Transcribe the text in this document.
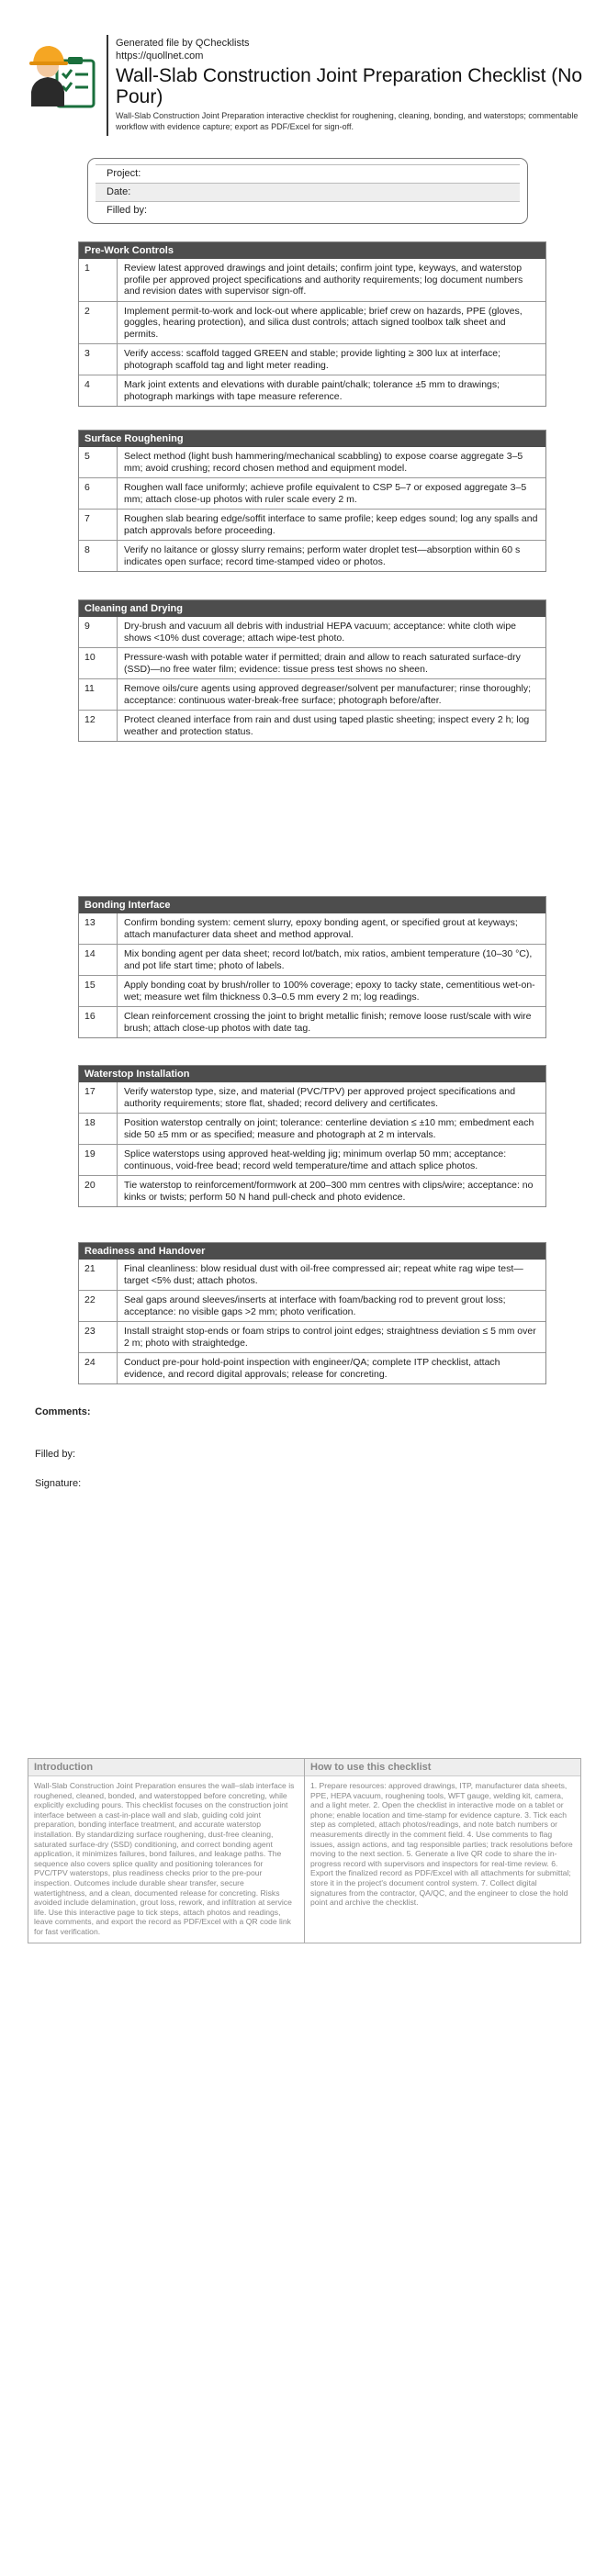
Generated file by QChecklists
https://quollnet.com
Wall-Slab Construction Joint Preparation Checklist (No Pour)
Wall-Slab Construction Joint Preparation interactive checklist for roughening, cleaning, bonding, and waterstops; commentable workflow with evidence capture; export as PDF/Excel for sign-off.
Project:
Date:
Filled by:
Pre-Work Controls
1	Review latest approved drawings and joint details; confirm joint type, keyways, and waterstop profile per approved project specifications and authority requirements; log document numbers and revision dates with supervisor sign-off.
2	Implement permit-to-work and lock-out where applicable; brief crew on hazards, PPE (gloves, goggles, hearing protection), and silica dust controls; attach signed toolbox talk sheet and permits.
3	Verify access: scaffold tagged GREEN and stable; provide lighting ≥ 300 lux at interface; photograph scaffold tag and light meter reading.
4	Mark joint extents and elevations with durable paint/chalk; tolerance ±5 mm to drawings; photograph markings with tape measure reference.
Surface Roughening
5	Select method (light bush hammering/mechanical scabbling) to expose coarse aggregate 3–5 mm; avoid crushing; record chosen method and equipment model.
6	Roughen wall face uniformly; achieve profile equivalent to CSP 5–7 or exposed aggregate 3–5 mm; attach close-up photos with ruler scale every 2 m.
7	Roughen slab bearing edge/soffit interface to same profile; keep edges sound; log any spalls and patch approvals before proceeding.
8	Verify no laitance or glossy slurry remains; perform water droplet test—absorption within 60 s indicates open surface; record time-stamped video or photos.
Cleaning and Drying
9	Dry-brush and vacuum all debris with industrial HEPA vacuum; acceptance: white cloth wipe shows <10% dust coverage; attach wipe-test photo.
10	Pressure-wash with potable water if permitted; drain and allow to reach saturated surface-dry (SSD)—no free water film; evidence: tissue press test shows no sheen.
11	Remove oils/cure agents using approved degreaser/solvent per manufacturer; rinse thoroughly; acceptance: continuous water-break-free surface; photograph before/after.
12	Protect cleaned interface from rain and dust using taped plastic sheeting; inspect every 2 h; log weather and protection status.
Bonding Interface
13	Confirm bonding system: cement slurry, epoxy bonding agent, or specified grout at keyways; attach manufacturer data sheet and method approval.
14	Mix bonding agent per data sheet; record lot/batch, mix ratios, ambient temperature (10–30 °C), and pot life start time; photo of labels.
15	Apply bonding coat by brush/roller to 100% coverage; epoxy to tacky state, cementitious wet-on-wet; measure wet film thickness 0.3–0.5 mm every 2 m; log readings.
16	Clean reinforcement crossing the joint to bright metallic finish; remove loose rust/scale with wire brush; attach close-up photos with date tag.
Waterstop Installation
17	Verify waterstop type, size, and material (PVC/TPV) per approved project specifications and authority requirements; store flat, shaded; record delivery and certificates.
18	Position waterstop centrally on joint; tolerance: centerline deviation ≤ ±10 mm; embedment each side 50 ±5 mm or as specified; measure and photograph at 2 m intervals.
19	Splice waterstops using approved heat-welding jig; minimum overlap 50 mm; acceptance: continuous, void-free bead; record weld temperature/time and attach splice photos.
20	Tie waterstop to reinforcement/formwork at 200–300 mm centres with clips/wire; acceptance: no kinks or twists; perform 50 N hand pull-check and photo evidence.
Readiness and Handover
21	Final cleanliness: blow residual dust with oil-free compressed air; repeat white rag wipe test—target <5% dust; attach photos.
22	Seal gaps around sleeves/inserts at interface with foam/backing rod to prevent grout loss; acceptance: no visible gaps >2 mm; photo verification.
23	Install straight stop-ends or foam strips to control joint edges; straightness deviation ≤ 5 mm over 2 m; photo with straightedge.
24	Conduct pre-pour hold-point inspection with engineer/QA; complete ITP checklist, attach evidence, and record digital approvals; release for concreting.
Comments:
Filled by:
Signature:
Introduction
Wall-Slab Construction Joint Preparation ensures the wall–slab interface is roughened, cleaned, bonded, and waterstopped before concreting, while explicitly excluding pours. This checklist focuses on the construction joint interface between a cast-in-place wall and slab, guiding cold joint preparation, bonding interface treatment, and accurate waterstop installation. By standardizing surface roughening, dust-free cleaning, saturated surface-dry (SSD) conditioning, and correct bonding agent application, it minimizes failures, bond failures, and leakage paths. The sequence also covers splice quality and positioning tolerances for PVC/TPV waterstops, plus readiness checks prior to the pre-pour inspection. Outcomes include durable shear transfer, secure watertightness, and a clean, documented release for concreting. Risks avoided include delamination, grout loss, rework, and infiltration at service life. Use this interactive page to tick steps, attach photos and readings, leave comments, and export the record as PDF/Excel with a QR code link for fast verification.
How to use this checklist
1. Prepare resources: approved drawings, ITP, manufacturer data sheets, PPE, HEPA vacuum, roughening tools, WFT gauge, welding kit, camera, and a light meter. 2. Open the checklist in interactive mode on a tablet or phone; enable location and time-stamp for evidence capture. 3. Tick each step as completed, attach photos/readings, and note batch numbers or measurements directly in the comment field. 4. Use comments to flag issues, assign actions, and tag responsible parties; track resolutions before moving to the next section. 5. Generate a live QR code to share the in-progress record with supervisors and inspectors for real-time review. 6. Export the finalized record as PDF/Excel with all attachments for submittal; store it in the project's document control system. 7. Collect digital signatures from the contractor, QA/QC, and the engineer to close the hold point and archive the checklist.
